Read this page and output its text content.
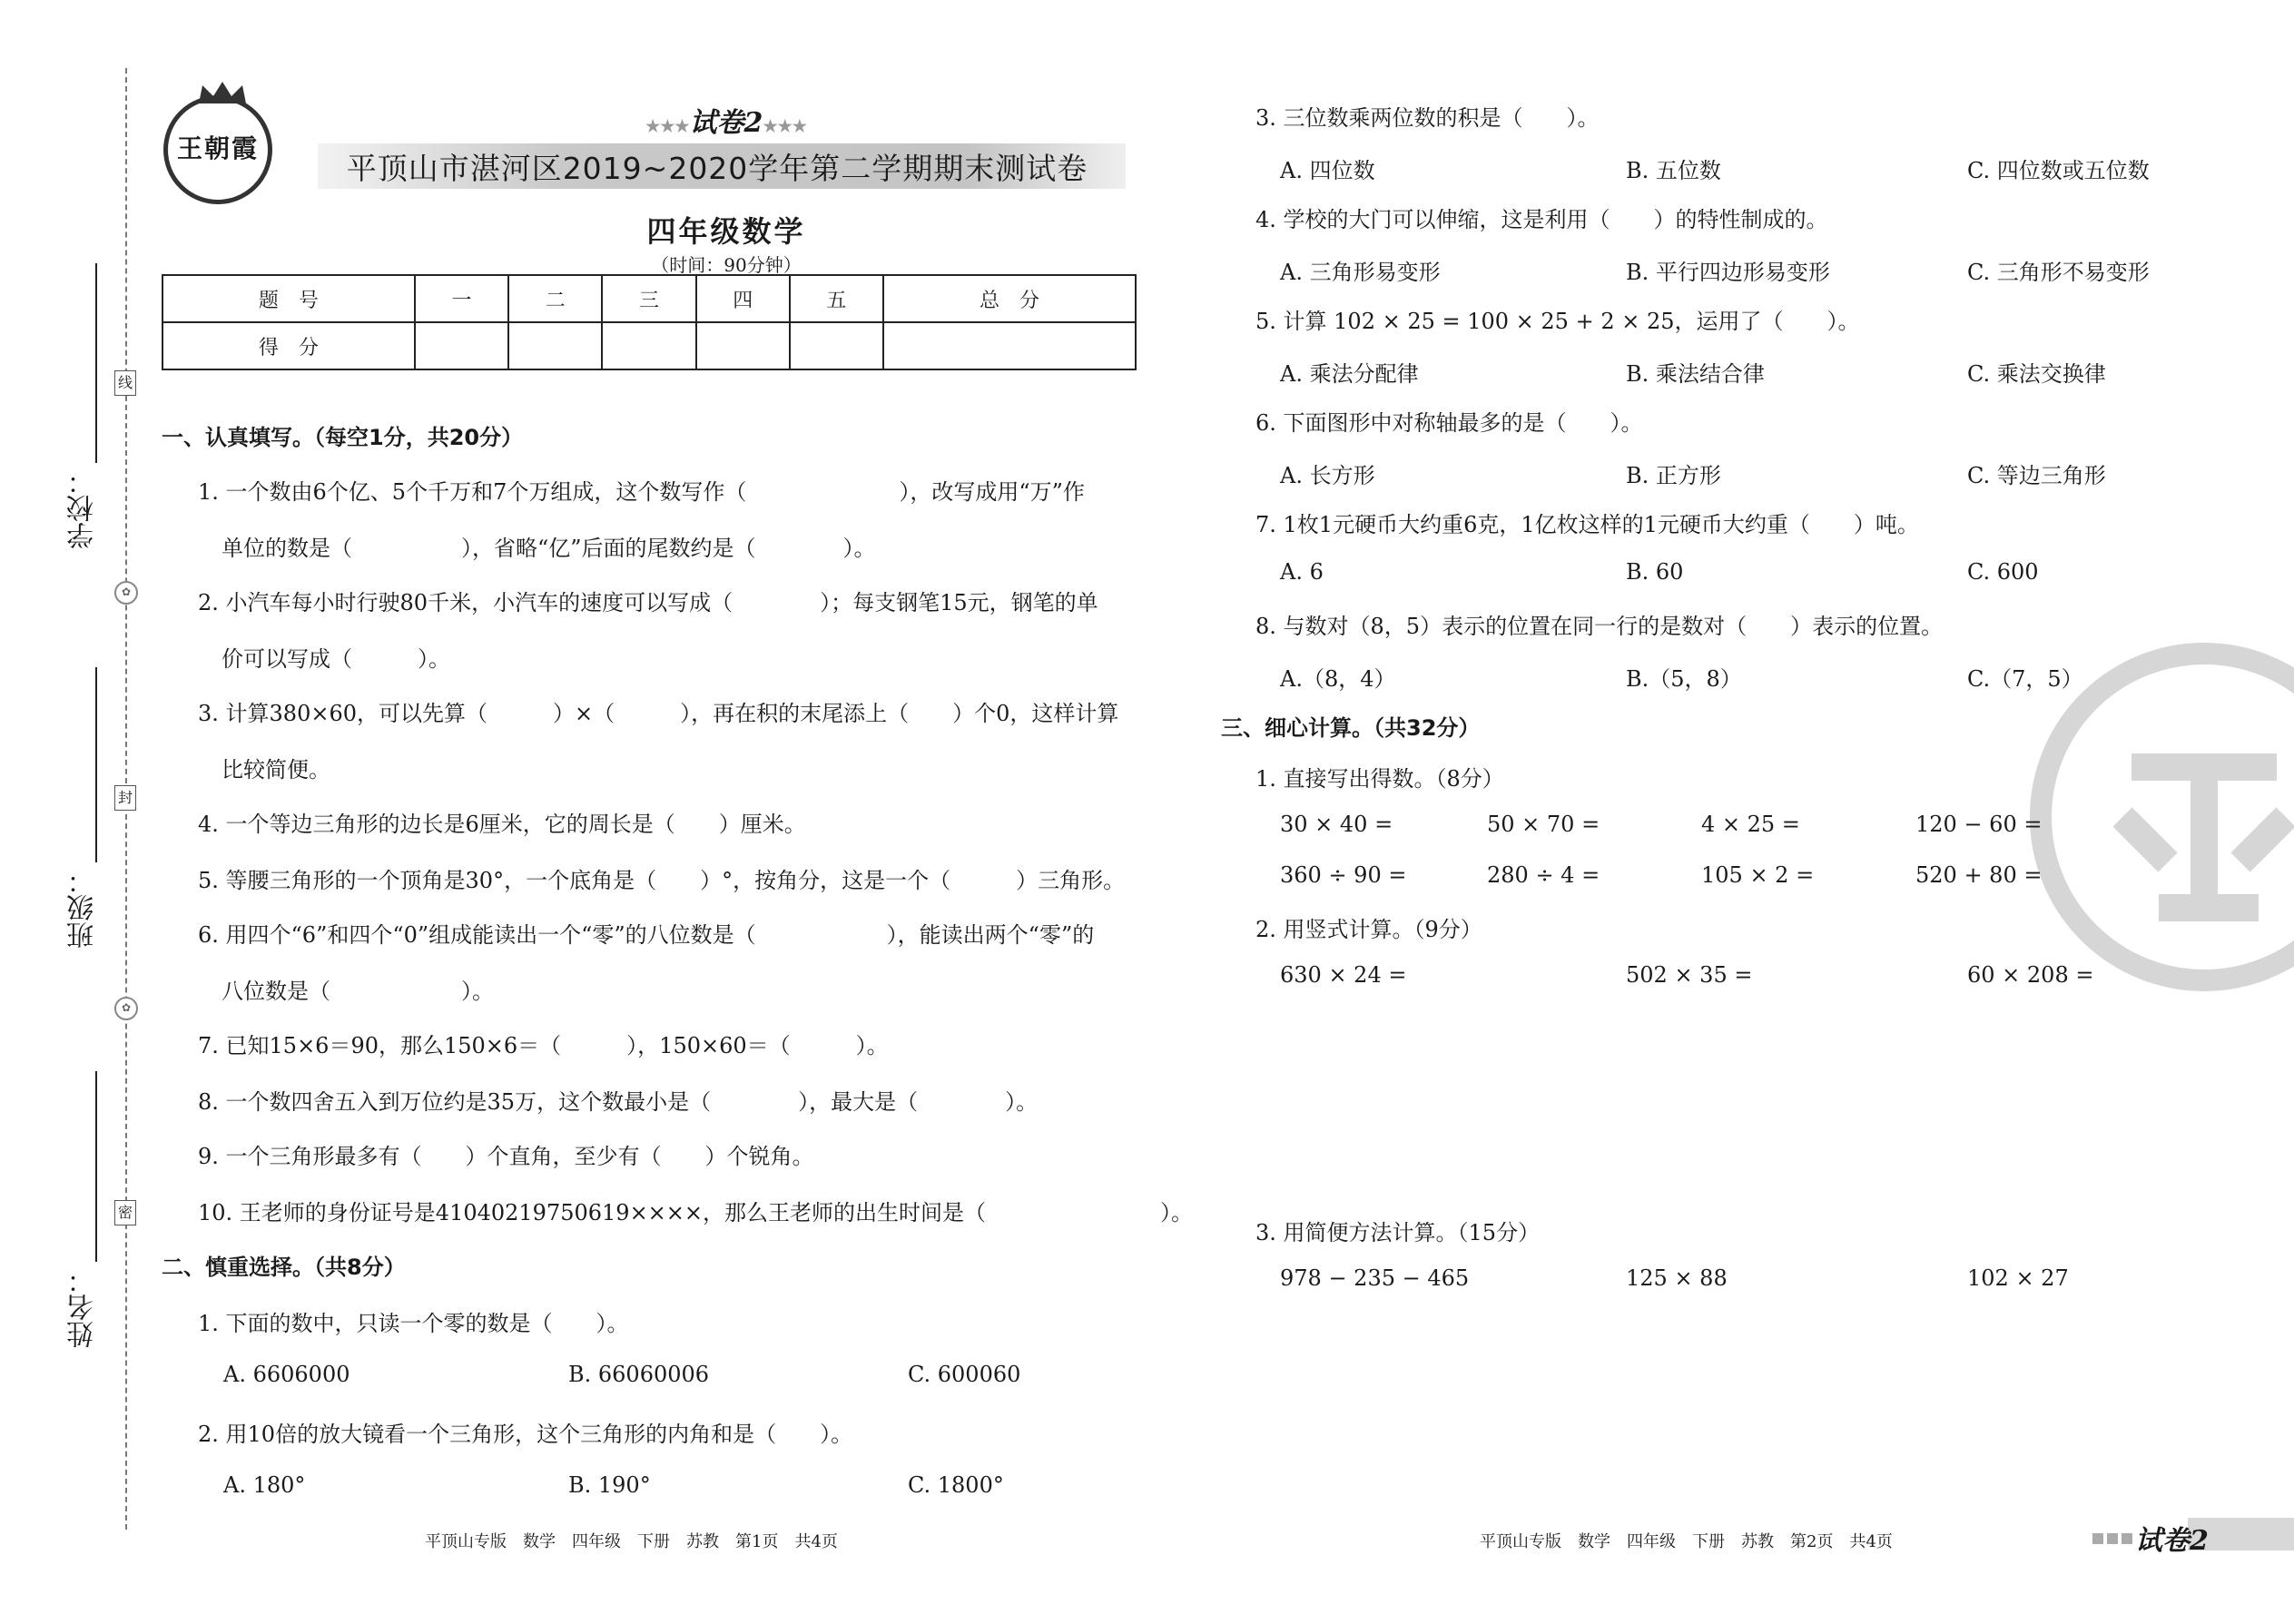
线
✿
封
✿
密
学校：
班级：
姓名：
王朝霞
★★★试卷2★★★
平顶山市湛河区2019~2020学年第二学期期末测试卷
四年级数学
（时间：90分钟）
题　号	一	二	三	四	五	总　分
得　分						
一、认真填写。（每空1分，共20分）
1. 一个数由6个亿、5个千万和7个万组成，这个数写作（　　　　　　　），改写成用“万”作
单位的数是（　　　　　），省略“亿”后面的尾数约是（　　　　）。
2. 小汽车每小时行驶80千米，小汽车的速度可以写成（　　　　）；每支钢笔15元，钢笔的单
价可以写成（　　　）。
3. 计算380×60，可以先算（　　　）×（　　　），再在积的末尾添上（　　）个0，这样计算
比较简便。
4. 一个等边三角形的边长是6厘米，它的周长是（　　）厘米。
5. 等腰三角形的一个顶角是30°，一个底角是（　　）°，按角分，这是一个（　　　）三角形。
6. 用四个“6”和四个“0”组成能读出一个“零”的八位数是（　　　　　　），能读出两个“零”的
八位数是（　　　　　　）。
7. 已知15×6＝90，那么150×6＝（　　　），150×60＝（　　　）。
8. 一个数四舍五入到万位约是35万，这个数最小是（　　　　），最大是（　　　　）。
9. 一个三角形最多有（　　）个直角，至少有（　　）个锐角。
10. 王老师的身份证号是41040219750619××××，那么王老师的出生时间是（　　　　　　　　）。
二、慎重选择。（共8分）
1. 下面的数中，只读一个零的数是（　　）。
A. 6606000	B. 66060006	C. 600060
2. 用10倍的放大镜看一个三角形，这个三角形的内角和是（　　）。
A. 180°	B. 190°	C. 1800°
平顶山专版　数学　四年级　下册　苏教　第1页　共4页
3. 三位数乘两位数的积是（　　）。
A. 四位数	B. 五位数	C. 四位数或五位数
4. 学校的大门可以伸缩，这是利用（　　）的特性制成的。
A. 三角形易变形	B. 平行四边形易变形	C. 三角形不易变形
5. 计算 102 × 25 = 100 × 25 + 2 × 25，运用了（　　）。
A. 乘法分配律	B. 乘法结合律	C. 乘法交换律
6. 下面图形中对称轴最多的是（　　）。
A. 长方形	B. 正方形	C. 等边三角形
7. 1枚1元硬币大约重6克，1亿枚这样的1元硬币大约重（　　）吨。
A. 6	B. 60	C. 600
8. 与数对（8，5）表示的位置在同一行的是数对（　　）表示的位置。
A.（8，4）	B.（5，8）	C.（7，5）
三、细心计算。（共32分）
1. 直接写出得数。（8分）
30 × 40 =	50 × 70 =	4 × 25 =	120 − 60 =
360 ÷ 90 =	280 ÷ 4 =	105 × 2 =	520 + 80 =
2. 用竖式计算。（9分）
630 × 24 =	502 × 35 =	60 × 208 =
3. 用简便方法计算。（15分）
978 − 235 − 465	125 × 88	102 × 27
平顶山专版　数学　四年级　下册　苏教　第2页　共4页	试卷2
